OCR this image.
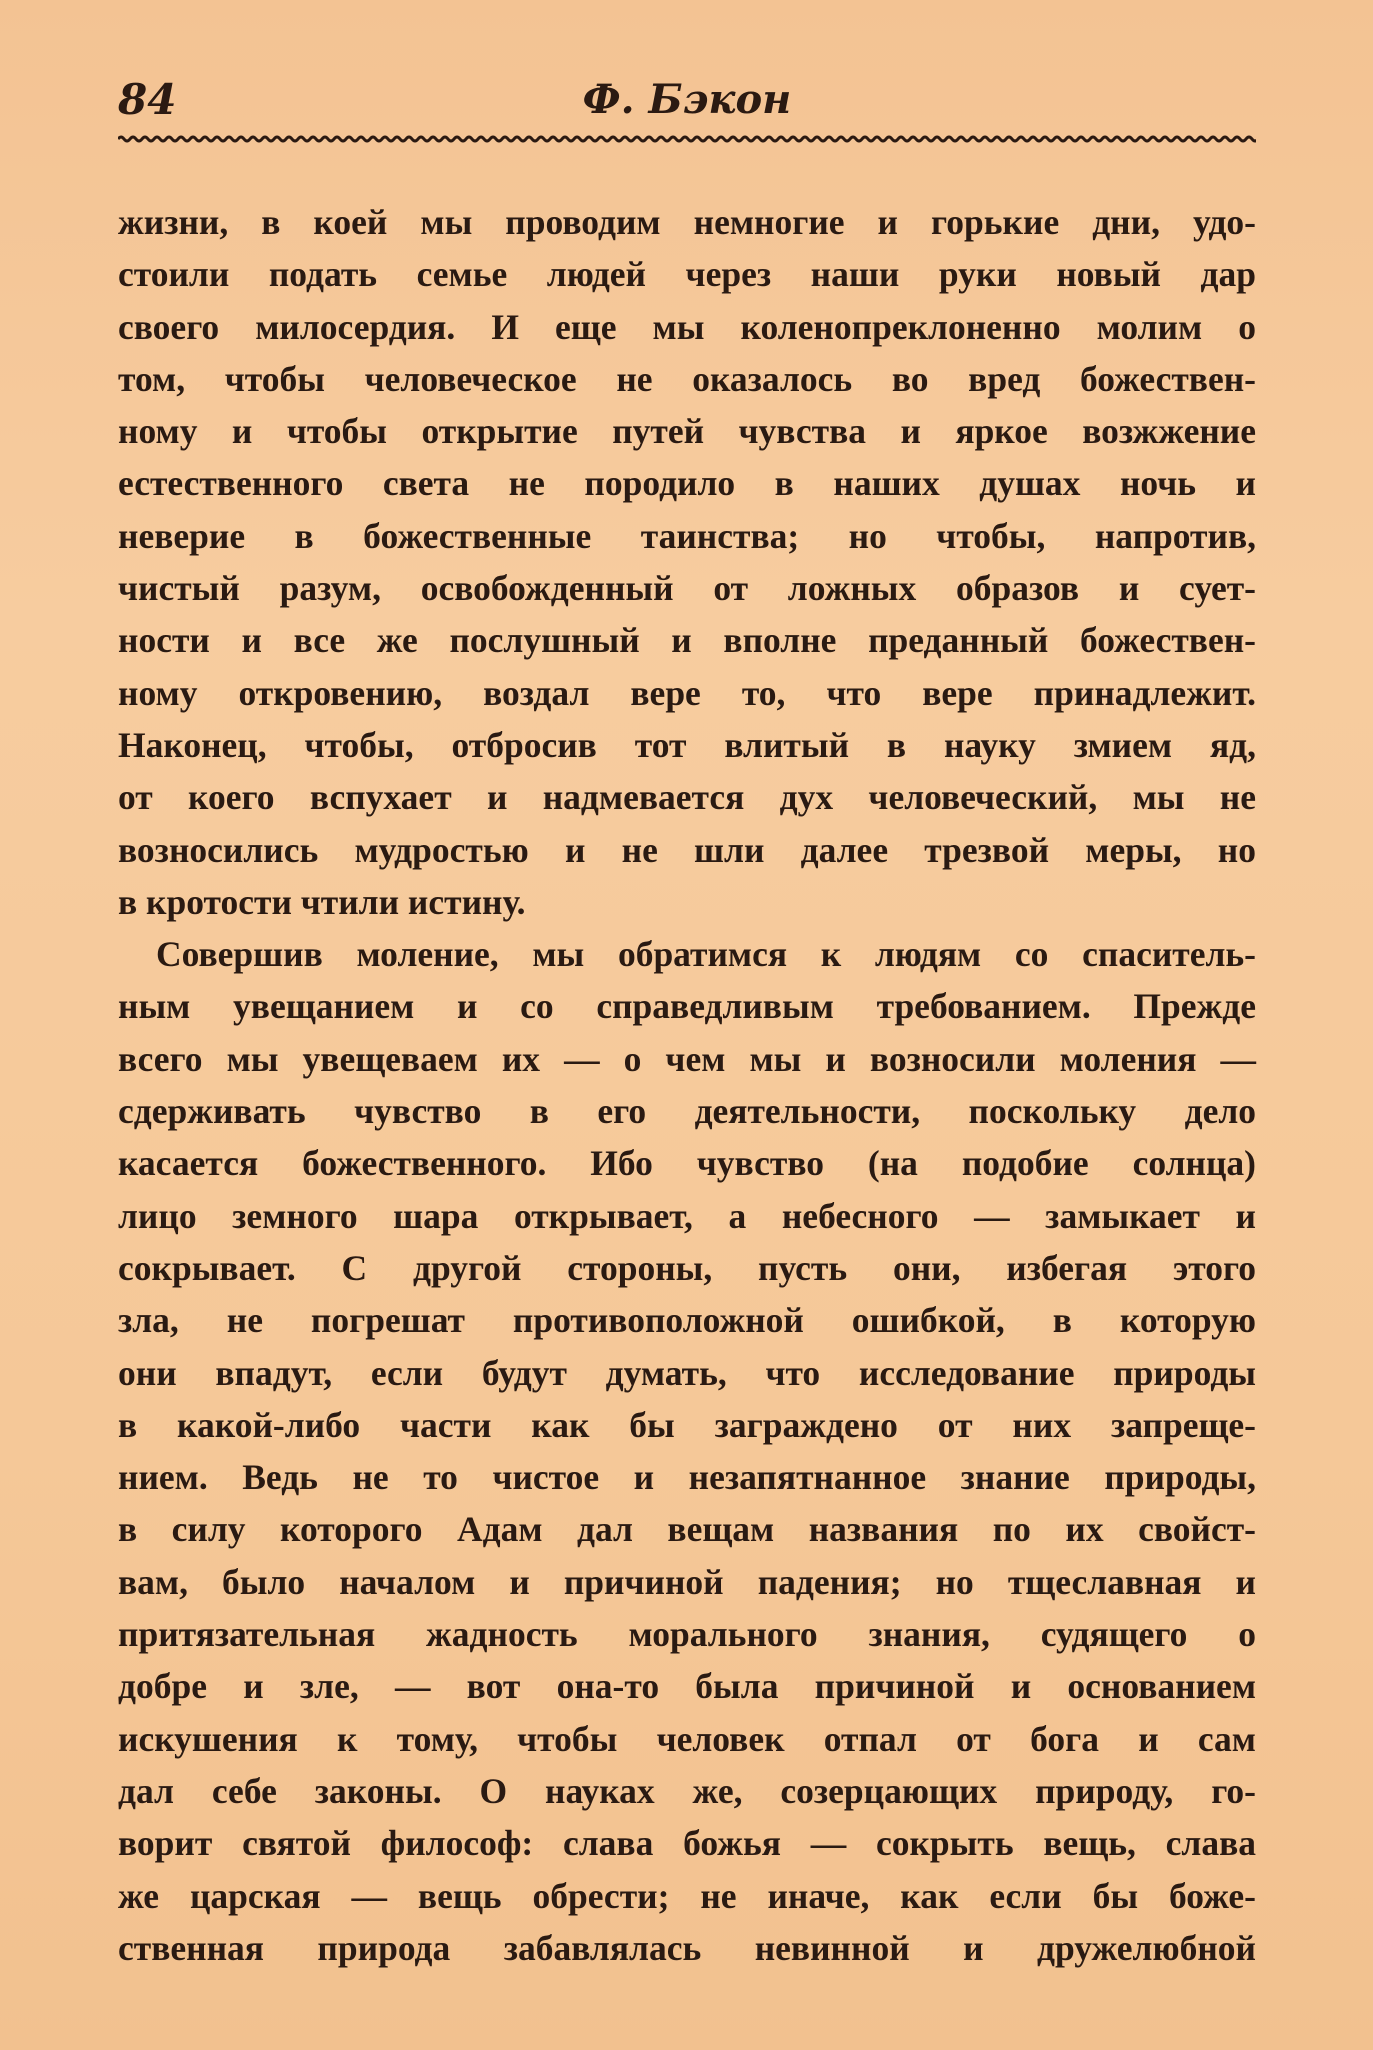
84	Ф. Бэкон

жизни, в коей мы проводим немногие и горькие дни, удо-
стоили подать семье людей через наши руки новый дар
своего милосердия. И еще мы коленопреклоненно молим о
том, чтобы человеческое не оказалось во вред божествен-
ному и чтобы открытие путей чувства и яркое возжжение
естественного света не породило в наших душах ночь и
неверие в божественные таинства; но чтобы, напротив,
чистый разум, освобожденный от ложных образов и сует-
ности и все же послушный и вполне преданный божествен-
ному откровению, воздал вере то, что вере принадлежит.
Наконец, чтобы, отбросив тот влитый в науку змием яд,
от коего вспухает и надмевается дух человеческий, мы не
возносились мудростью и не шли далее трезвой меры, но
в кротости чтили истину.

Совершив моление, мы обратимся к людям со спаситель-
ным увещанием и со справедливым требованием. Прежде
всего мы увещеваем их — о чем мы и возносили моления —
сдерживать чувство в его деятельности, поскольку дело
касается божественного. Ибо чувство (на подобие солнца)
лицо земного шара открывает, а небесного — замыкает и
сокрывает. С другой стороны, пусть они, избегая этого
зла, не погрешат противоположной ошибкой, в которую
они впадут, если будут думать, что исследование природы
в какой-либо части как бы заграждено от них запреще-
нием. Ведь не то чистое и незапятнанное знание природы,
в силу которого Адам дал вещам названия по их свойст-
вам, было началом и причиной падения; но тщеславная и
притязательная жадность морального знания, судящего о
добре и зле, — вот она-то была причиной и основанием
искушения к тому, чтобы человек отпал от бога и сам
дал себе законы. О науках же, созерцающих природу, го-
ворит святой философ: слава божья — сокрыть вещь, слава
же царская — вещь обрести; не иначе, как если бы боже-
ственная природа забавлялась невинной и дружелюбной
